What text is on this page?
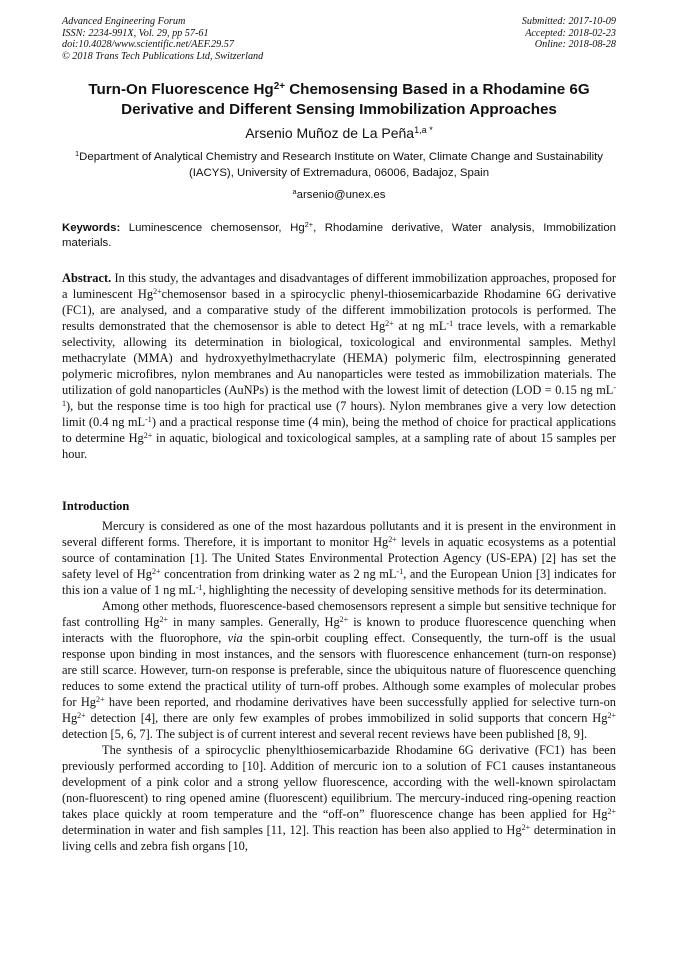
Advanced Engineering Forum
ISSN: 2234-991X, Vol. 29, pp 57-61
doi:10.4028/www.scientific.net/AEF.29.57
© 2018 Trans Tech Publications Ltd, Switzerland
Submitted: 2017-10-09
Accepted: 2018-02-23
Online: 2018-08-28
Turn-On Fluorescence $Hg^{2+}$ Chemosensing Based in a Rhodamine 6G Derivative and Different Sensing Immobilization Approaches
Arsenio Muñoz de La Peña$^{1,a *}$
$^1$Department of Analytical Chemistry and Research Institute on Water, Climate Change and Sustainability (IACYS), University of Extremadura, 06006, Badajoz, Spain
$^a$arsenio@unex.es
Keywords: Luminescence chemosensor, $Hg^{2+}$, Rhodamine derivative, Water analysis, Immobilization materials.
Abstract. In this study, the advantages and disadvantages of different immobilization approaches, proposed for a luminescent $Hg^{2+}chemosensor$ based in a spirocyclic phenyl-thiosemicarbazide Rhodamine 6G derivative (FC1), are analysed, and a comparative study of the different immobilization protocols is performed. The results demonstrated that the chemosensor is able to detect $Hg^{2+}$ at ng $mL^{-1}$ trace levels, with a remarkable selectivity, allowing its determination in biological, toxicological and environmental samples. Methyl methacrylate (MMA) and hydroxyethylmethacrylate (HEMA) polymeric film, electrospinning generated polymeric microfibres, nylon membranes and Au nanoparticles were tested as immobilization materials. The utilization of gold nanoparticles (AuNPs) is the method with the lowest limit of detection (LOD = 0.15 ng $mL^{-1}$), but the response time is too high for practical use (7 hours). Nylon membranes give a very low detection limit (0.4 ng $mL^{-1}$) and a practical response time (4 min), being the method of choice for practical applications to determine $Hg^{2+}$ in aquatic, biological and toxicological samples, at a sampling rate of about 15 samples per hour.
Introduction

Mercury is considered as one of the most hazardous pollutants and it is present in the environment in several different forms. Therefore, it is important to monitor $Hg^{2+}$ levels in aquatic ecosystems as a potential source of contamination [1]. The United States Environmental Protection Agency (US-EPA) [2] has set the safety level of $Hg^{2+}$ concentration from drinking water as 2 ng $mL^{-1}$, and the European Union [3] indicates for this ion a value of 1 ng $mL^{-1}$, highlighting the necessity of developing sensitive methods for its determination.

Among other methods, fluorescence-based chemosensors represent a simple but sensitive technique for fast controlling $Hg^{2+}$ in many samples. Generally, $Hg^{2+}$ is known to produce fluorescence quenching when interacts with the fluorophore, via the spin-orbit coupling effect. Consequently, the turn-off is the usual response upon binding in most instances, and the sensors with fluorescence enhancement (turn-on response) are still scarce. However, turn-on response is preferable, since the ubiquitous nature of fluorescence quenching reduces to some extend the practical utility of turn-off probes. Although some examples of molecular probes for $Hg^{2+}$ have been reported, and rhodamine derivatives have been successfully applied for selective turn-on $Hg^{2+}$ detection [4], there are only few examples of probes immobilized in solid supports that concern $Hg^{2+}$ detection [5, 6, 7]. The subject is of current interest and several recent reviews have been published [8, 9].

The synthesis of a spirocyclic phenylthiosemicarbazide Rhodamine 6G derivative (FC1) has been previously performed according to [10]. Addition of mercuric ion to a solution of FC1 causes instantaneous development of a pink color and a strong yellow fluorescence, according with the well-known spirolactam (non-fluorescent) to ring opened amine (fluorescent) equilibrium. The mercury-induced ring-opening reaction takes place quickly at room temperature and the “off-on” fluorescence change has been applied for $Hg^{2+}$ determination in water and fish samples [11, 12]. This reaction has been also applied to $Hg^{2+}$ determination in living cells and zebra fish organs [10,
